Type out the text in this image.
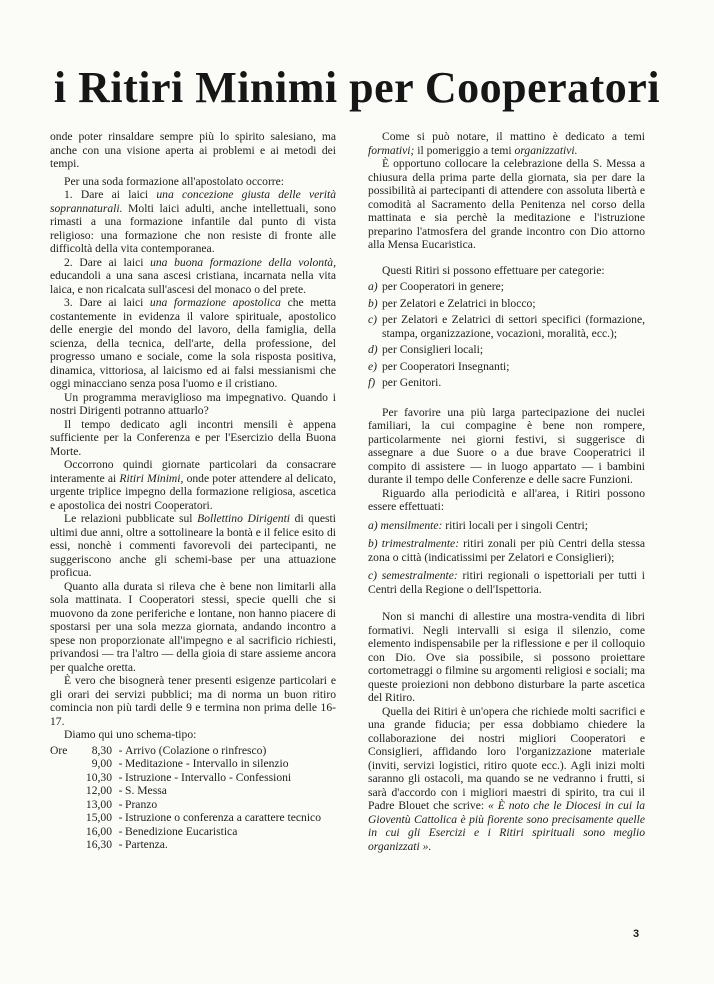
i Ritiri Minimi per Cooperatori

onde poter rinsaldare sempre più lo spirito salesiano, ma anche con una visione aperta ai problemi e ai metodi dei tempi.

Per una soda formazione all'apostolato occorre:

1. Dare ai laici una concezione giusta delle verità soprannaturali. Molti laici adulti, anche intellettuali, sono rimasti a una formazione infantile dal punto di vista religioso: una formazione che non resiste di fronte alle difficoltà della vita contemporanea.

2. Dare ai laici una buona formazione della volontà, educandoli a una sana ascesi cristiana, incarnata nella vita laica, e non ricalcata sull'ascesi del monaco o del prete.

3. Dare ai laici una formazione apostolica che metta costantemente in evidenza il valore spirituale, apostolico delle energie del mondo del lavoro, della famiglia, della scienza, della tecnica, dell'arte, della professione, del progresso umano e sociale, come la sola risposta positiva, dinamica, vittoriosa, al laicismo ed ai falsi messianismi che oggi minacciano senza posa l'uomo e il cristiano.

Un programma meraviglioso ma impegnativo. Quando i nostri Dirigenti potranno attuarlo?

Il tempo dedicato agli incontri mensili è appena sufficiente per la Conferenza e per l'Esercizio della Buona Morte.

Occorrono quindi giornate particolari da consacrare interamente ai Ritiri Minimi, onde poter attendere al delicato, urgente triplice impegno della formazione religiosa, ascetica e apostolica dei nostri Cooperatori.

Le relazioni pubblicate sul Bollettino Dirigenti di questi ultimi due anni, oltre a sottolineare la bontà e il felice esito di essi, nonchè i commenti favorevoli dei partecipanti, ne suggeriscono anche gli schemi-base per una attuazione proficua.

Quanto alla durata si rileva che è bene non limitarli alla sola mattinata. I Cooperatori stessi, specie quelli che si muovono da zone periferiche e lontane, non hanno piacere di spostarsi per una sola mezza giornata, andando incontro a spese non proporzionate all'impegno e al sacrificio richiesti, privandosi — tra l'altro — della gioia di stare assieme ancora per qualche oretta.

È vero che bisognerà tener presenti esigenze particolari e gli orari dei servizi pubblici; ma di norma un buon ritiro comincia non più tardi delle 9 e termina non prima delle 16-17.

Diamo qui uno schema-tipo:

Ore	8,30 - Arrivo (Colazione o rinfresco)
9,00 - Meditazione - Intervallo in silenzio
10,30 - Istruzione - Intervallo - Confessioni
12,00 - S. Messa
13,00 - Pranzo
15,00 - Istruzione o conferenza a carattere tecnico
16,00 - Benedizione Eucaristica
16,30 - Partenza.

Come si può notare, il mattino è dedicato a temi formativi; il pomeriggio a temi organizzativi.

È opportuno collocare la celebrazione della S. Messa a chiusura della prima parte della giornata, sia per dare la possibilità ai partecipanti di attendere con assoluta libertà e comodità al Sacramento della Penitenza nel corso della mattinata e sia perchè la meditazione e l'istruzione preparino l'atmosfera del grande incontro con Dio attorno alla Mensa Eucaristica.

Questi Ritiri si possono effettuare per categorie:

a) per Cooperatori in genere;
b) per Zelatori e Zelatrici in blocco;
c) per Zelatori e Zelatrici di settori specifici (formazione, stampa, organizzazione, vocazioni, moralità, ecc.);
d) per Consiglieri locali;
e) per Cooperatori Insegnanti;
f) per Genitori.

Per favorire una più larga partecipazione dei nuclei familiari, la cui compagine è bene non rompere, particolarmente nei giorni festivi, si suggerisce di assegnare a due Suore o a due brave Cooperatrici il compito di assistere — in luogo appartato — i bambini durante il tempo delle Conferenze e delle sacre Funzioni.

Riguardo alla periodicità e all'area, i Ritiri possono essere effettuati:

a) mensilmente: ritiri locali per i singoli Centri;

b) trimestralmente: ritiri zonali per più Centri della stessa zona o città (indicatissimi per Zelatori e Consiglieri);

c) semestralmente: ritiri regionali o ispettoriali per tutti i Centri della Regione o dell'Ispettoria.

Non si manchi di allestire una mostra-vendita di libri formativi. Negli intervalli si esiga il silenzio, come elemento indispensabile per la riflessione e per il colloquio con Dio. Ove sia possibile, si possono proiettare cortometraggi o filmine su argomenti religiosi e sociali; ma queste proiezioni non debbono disturbare la parte ascetica del Ritiro.

Quella dei Ritiri è un'opera che richiede molti sacrifici e una grande fiducia; per essa dobbiamo chiedere la collaborazione dei nostri migliori Cooperatori e Consiglieri, affidando loro l'organizzazione materiale (inviti, servizi logistici, ritiro quote ecc.). Agli inizi molti saranno gli ostacoli, ma quando se ne vedranno i frutti, si sarà d'accordo con i migliori maestri di spirito, tra cui il Padre Blouet che scrive: « È noto che le Diocesi in cui la Gioventù Cattolica è più fiorente sono precisamente quelle in cui gli Esercizi e i Ritiri spirituali sono meglio organizzati ».

3
